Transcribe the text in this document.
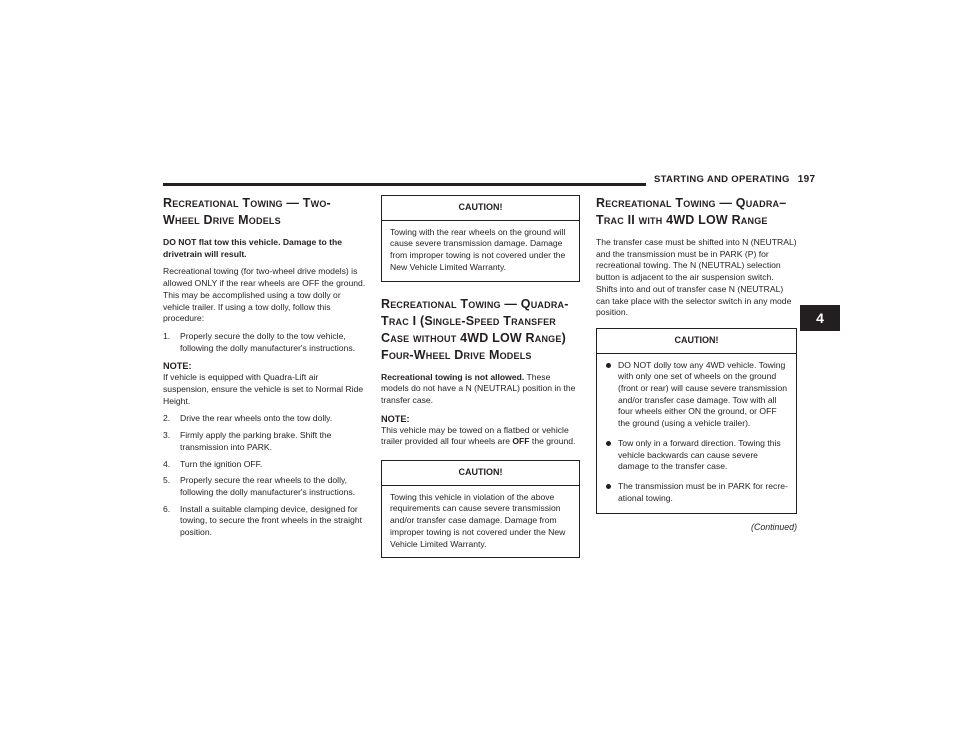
STARTING AND OPERATING 197
4
Recreational Towing — Two-Wheel Drive Models

DO NOT flat tow this vehicle. Damage to the drivetrain will result.

Recreational towing (for two-wheel drive models) is allowed ONLY if the rear wheels are OFF the ground. This may be accomplished using a tow dolly or vehicle trailer. If using a tow dolly, follow this procedure:

1. Properly secure the dolly to the tow vehicle, following the dolly manufacturer's instructions.
NOTE:

If vehicle is equipped with Quadra-Lift air suspension, ensure the vehicle is set to Normal Ride Height.

2. Drive the rear wheels onto the tow dolly.
3. Firmly apply the parking brake. Shift the transmission into PARK.
4. Turn the ignition OFF.
5. Properly secure the rear wheels to the dolly, following the dolly manufacturer's instructions.
6. Install a suitable clamping device, designed for towing, to secure the front wheels in the straight position.
CAUTION!
Towing with the rear wheels on the ground will cause severe transmission damage. Damage from improper towing is not covered under the New Vehicle Limited Warranty.
Recreational Towing — Quadra-Trac I (Single-Speed Transfer Case without 4WD LOW Range) Four-Wheel Drive Models

Recreational towing is not allowed. These models do not have a N (NEUTRAL) position in the transfer case.

NOTE:

This vehicle may be towed on a flatbed or vehicle trailer provided all four wheels are OFF the ground.

CAUTION!
Towing this vehicle in violation of the above requirements can cause severe transmission and/or transfer case damage. Damage from improper towing is not covered under the New Vehicle Limited Warranty.
Recreational Towing — Quadra–Trac II with 4WD LOW Range

The transfer case must be shifted into N (NEUTRAL) and the transmission must be in PARK (P) for recreational towing. The N (NEUTRAL) selection button is adjacent to the air suspension switch. Shifts into and out of transfer case N (NEUTRAL) can take place with the selector switch in any mode position.

CAUTION!
DO NOT dolly tow any 4WD vehicle. Towing with only one set of wheels on the ground (front or rear) will cause severe transmission and/or transfer case damage. Tow with all four wheels either ON the ground, or OFF the ground (using a vehicle trailer).
Tow only in a forward direction. Towing this vehicle backwards can cause severe damage to the transfer case.
The transmission must be in PARK for recre-ational towing.
(Continued)
